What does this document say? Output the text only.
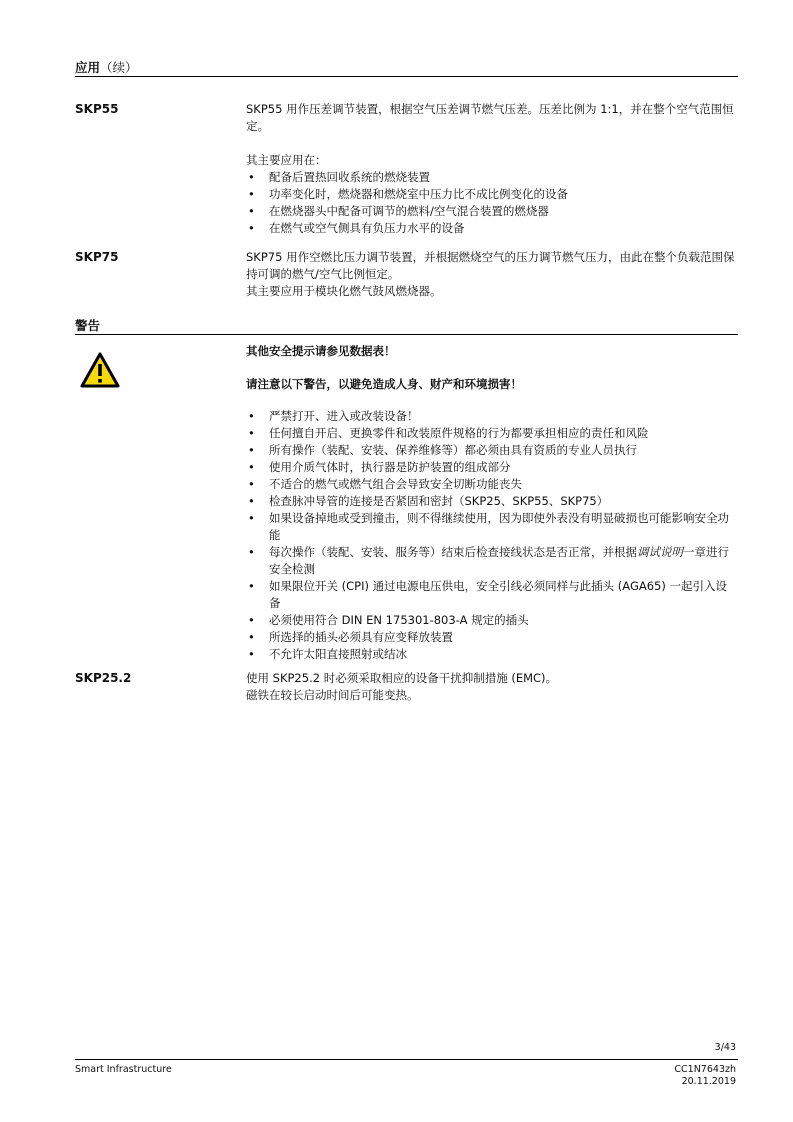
应用（续）
SKP55	SKP55 用作压差调节装置，根据空气压差调节燃气压差。压差比例为 1:1，并在整个空气范围恒定。

其主要应用在：

• 配备后置热回收系统的燃烧装置
• 功率变化时，燃烧器和燃烧室中压力比不成比例变化的设备
• 在燃烧器头中配备可调节的燃料/空气混合装置的燃烧器
• 在燃气或空气侧具有负压力水平的设备
SKP75	SKP75 用作空燃比压力调节装置，并根据燃烧空气的压力调节燃气压力，由此在整个负载范围保持可调的燃气/空气比例恒定。

其主要应用于模块化燃气鼓风燃烧器。

警告
其他安全提示请参见数据表！
请注意以下警告，以避免造成人身、财产和环境损害！
• 严禁打开、进入或改装设备！
• 任何擅自开启、更换零件和改装原件规格的行为都要承担相应的责任和风险
• 所有操作（装配、安装、保养维修等）都必须由具有资质的专业人员执行
• 使用介质气体时，执行器是防护装置的组成部分
• 不适合的燃气或燃气组合会导致安全切断功能丧失
• 检查脉冲导管的连接是否紧固和密封（SKP25、SKP55、SKP75）
• 如果设备掉地或受到撞击，则不得继续使用，因为即使外表没有明显破损也可能影响安全功能
• 每次操作（装配、安装、服务等）结束后检查接线状态是否正常，并根据调试说明一章进行安全检测
• 如果限位开关 (CPI) 通过电源电压供电，安全引线必须同样与此插头 (AGA65) 一起引入设备
• 必须使用符合 DIN EN 175301-803-A 规定的插头
• 所选择的插头必须具有应变释放装置
• 不允许太阳直接照射或结冰
SKP25.2	使用 SKP25.2 时必须采取相应的设备干扰抑制措施 (EMC)。

磁铁在较长启动时间后可能变热。

3/43
Smart Infrastructure	CC1N7643zh
20.11.2019
